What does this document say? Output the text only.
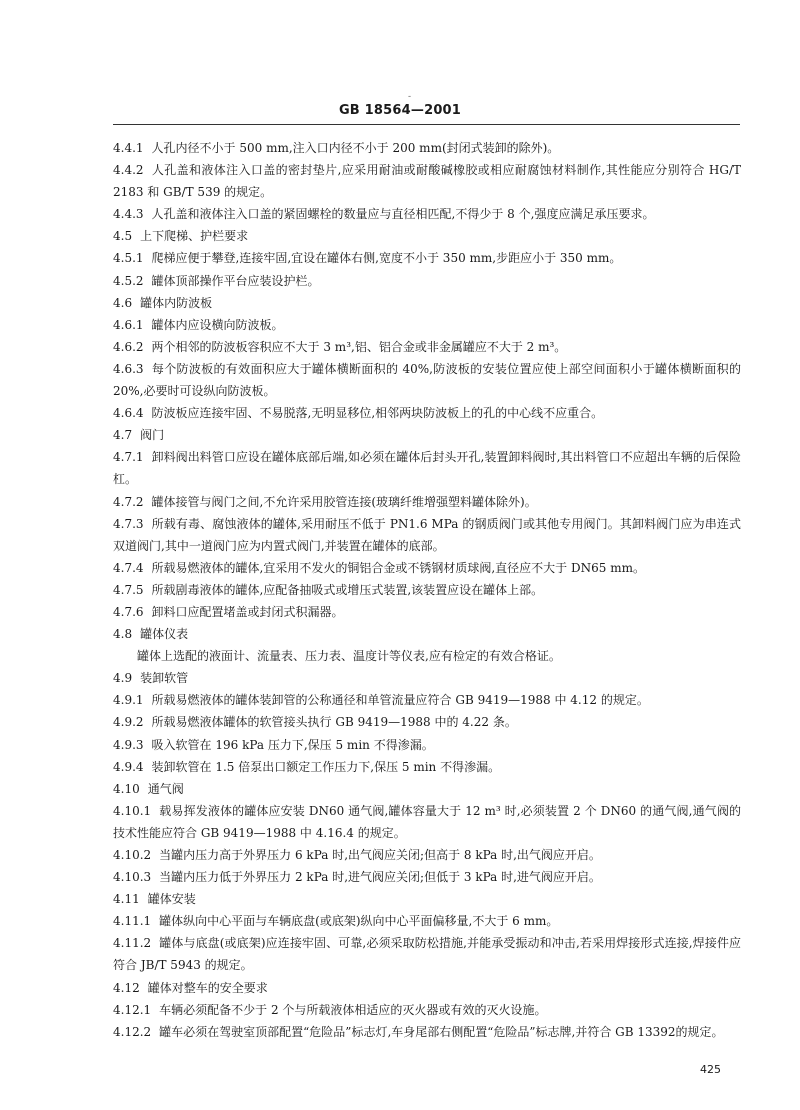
-
GB 18564—2001

4.4.1 人孔内径不小于 500 mm,注入口内径不小于 200 mm(封闭式装卸的除外)。

4.4.2 人孔盖和液体注入口盖的密封垫片,应采用耐油或耐酸碱橡胶或相应耐腐蚀材料制作,其性能应分别符合 HG/T 2183 和 GB/T 539 的规定。

4.4.3 人孔盖和液体注入口盖的紧固螺栓的数量应与直径相匹配,不得少于 8 个,强度应满足承压要求。

4.5 上下爬梯、护栏要求

4.5.1 爬梯应便于攀登,连接牢固,宜设在罐体右侧,宽度不小于 350 mm,步距应小于 350 mm。

4.5.2 罐体顶部操作平台应装设护栏。

4.6 罐体内防波板

4.6.1 罐体内应设横向防波板。

4.6.2 两个相邻的防波板容积应不大于 3 m³,铝、铝合金或非金属罐应不大于 2 m³。

4.6.3 每个防波板的有效面积应大于罐体横断面积的 40%,防波板的安装位置应使上部空间面积小于罐体横断面积的 20%,必要时可设纵向防波板。

4.6.4 防波板应连接牢固、不易脱落,无明显移位,相邻两块防波板上的孔的中心线不应重合。

4.7 阀门

4.7.1 卸料阀出料管口应设在罐体底部后端,如必须在罐体后封头开孔,装置卸料阀时,其出料管口不应超出车辆的后保险杠。

4.7.2 罐体接管与阀门之间,不允许采用胶管连接(玻璃纤维增强塑料罐体除外)。

4.7.3 所载有毒、腐蚀液体的罐体,采用耐压不低于 PN1.6 MPa 的钢质阀门或其他专用阀门。其卸料阀门应为串连式双道阀门,其中一道阀门应为内置式阀门,并装置在罐体的底部。

4.7.4 所载易燃液体的罐体,宜采用不发火的铜铝合金或不锈钢材质球阀,直径应不大于 DN65 mm。

4.7.5 所载剧毒液体的罐体,应配备抽吸式或增压式装置,该装置应设在罐体上部。

4.7.6 卸料口应配置堵盖或封闭式积漏器。

4.8 罐体仪表

罐体上选配的液面计、流量表、压力表、温度计等仪表,应有检定的有效合格证。

4.9 装卸软管

4.9.1 所载易燃液体的罐体装卸管的公称通径和单管流量应符合 GB 9419—1988 中 4.12 的规定。

4.9.2 所载易燃液体罐体的软管接头执行 GB 9419—1988 中的 4.22 条。

4.9.3 吸入软管在 196 kPa 压力下,保压 5 min 不得渗漏。

4.9.4 装卸软管在 1.5 倍泵出口额定工作压力下,保压 5 min 不得渗漏。

4.10 通气阀

4.10.1 载易挥发液体的罐体应安装 DN60 通气阀,罐体容量大于 12 m³ 时,必须装置 2 个 DN60 的通气阀,通气阀的技术性能应符合 GB 9419—1988 中 4.16.4 的规定。

4.10.2 当罐内压力高于外界压力 6 kPa 时,出气阀应关闭;但高于 8 kPa 时,出气阀应开启。

4.10.3 当罐内压力低于外界压力 2 kPa 时,进气阀应关闭;但低于 3 kPa 时,进气阀应开启。

4.11 罐体安装

4.11.1 罐体纵向中心平面与车辆底盘(或底架)纵向中心平面偏移量,不大于 6 mm。

4.11.2 罐体与底盘(或底架)应连接牢固、可靠,必须采取防松措施,并能承受振动和冲击,若采用焊接形式连接,焊接件应符合 JB/T 5943 的规定。

4.12 罐体对整车的安全要求

4.12.1 车辆必须配备不少于 2 个与所载液体相适应的灭火器或有效的灭火设施。

4.12.2 罐车必须在驾驶室顶部配置“危险品”标志灯,车身尾部右侧配置“危险品”标志牌,并符合 GB 13392的规定。

425
